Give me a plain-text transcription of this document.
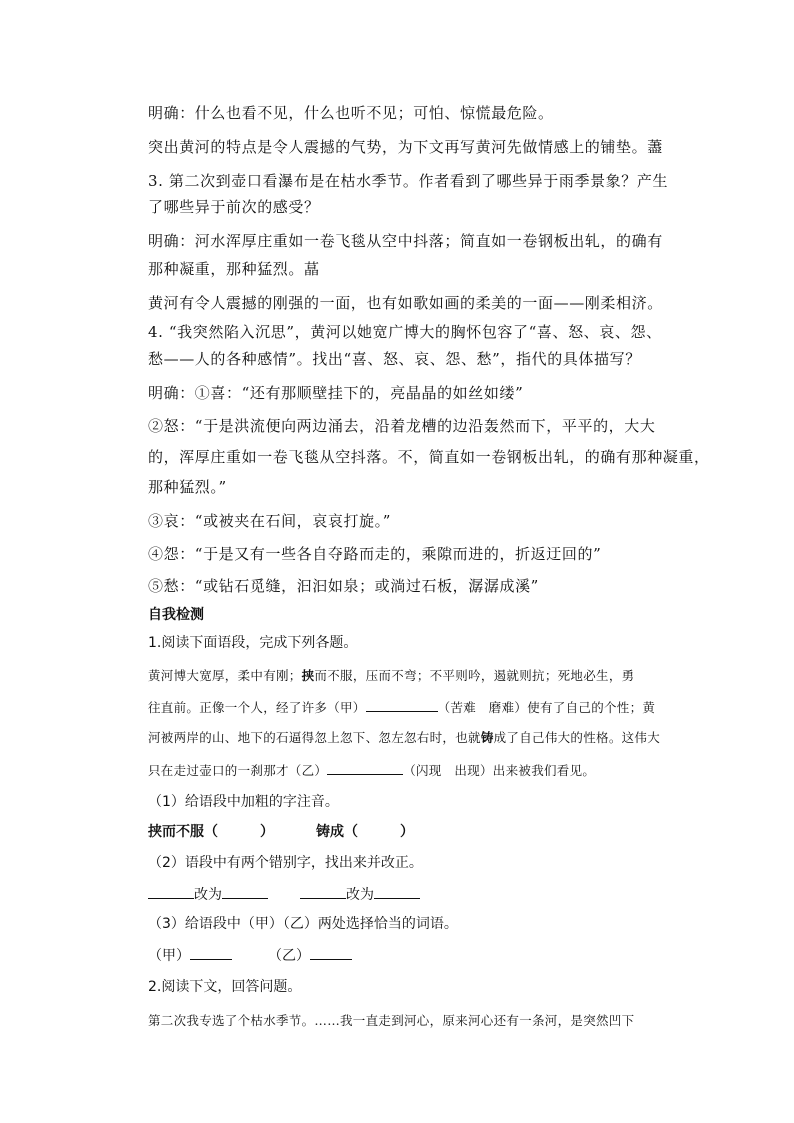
明确：什么也看不见，什么也听不见；可怕、惊慌最危险。
突出黄河的特点是令人震撼的气势，为下文再写黄河先做情感上的铺垫。藎
3. 第二次到壶口看瀑布是在枯水季节。作者看到了哪些异于雨季景象？产生
了哪些异于前次的感受？
明确：河水浑厚庄重如一卷飞毯从空中抖落；简直如一卷钢板出轧，的确有
那种凝重，那种猛烈。蕌
黄河有令人震撼的刚强的一面，也有如歌如画的柔美的一面——刚柔相济。
4. “我突然陷入沉思”，黄河以她宽广博大的胸怀包容了“喜、怒、哀、怨、
愁——人的各种感情”。找出“喜、怒、哀、怨、愁”，指代的具体描写？
明确：①喜：“还有那顺壁挂下的，亮晶晶的如丝如缕”
②怒：“于是洪流便向两边涌去，沿着龙槽的边沿轰然而下，平平的，大大
的，浑厚庄重如一卷飞毯从空抖落。不，简直如一卷钢板出轧，的确有那种凝重，
那种猛烈。”
③哀：“或被夹在石间，哀哀打旋。”
④怨：“于是又有一些各自夺路而走的，乘隙而进的，折返迂回的”
⑤愁：“或钻石觅缝，汩汩如泉；或淌过石板，潺潺成溪”
自我检测
1.阅读下面语段，完成下列各题。
黄河博大宽厚，柔中有刚；挟而不服，压而不弯；不平则吟，遏就则抗；死地必生，勇
往直前。正像一个人，经了许多（甲）	（苦难　磨难）使有了自己的个性；黄
河被两岸的山、地下的石逼得忽上忽下、忽左忽右时，也就铸成了自己伟大的性格。这伟大
只在走过壶口的一刹那才（乙）	（闪现　出现）出来被我们看见。
（1）给语段中加粗的字注音。
挟而不服（　　　）	铸成（　　　）
（2）语段中有两个错别字，找出来并改正。
改为	改为
（3）给语段中（甲）（乙）两处选择恰当的词语。
（甲）	（乙）
2.阅读下文，回答问题。
第二次我专选了个枯水季节。……我一直走到河心，原来河心还有一条河，是突然凹下
